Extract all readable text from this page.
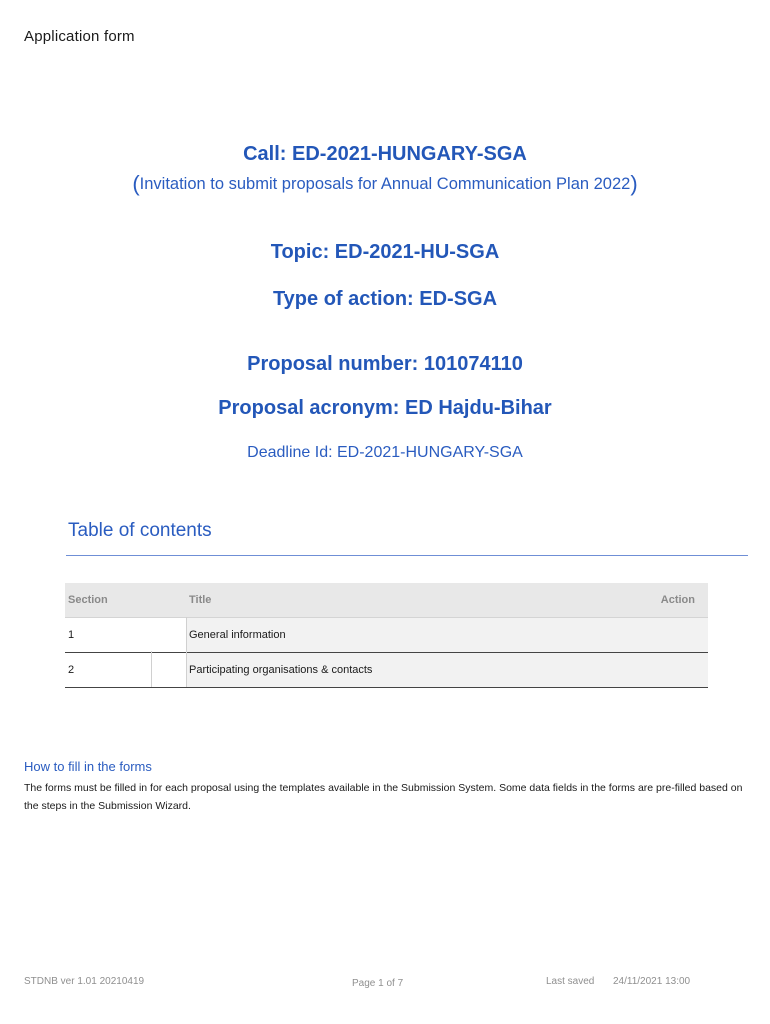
Application form
Call: ED-2021-HUNGARY-SGA
(Invitation to submit proposals for Annual Communication Plan 2022)
Topic: ED-2021-HU-SGA
Type of action: ED-SGA
Proposal number: 101074110
Proposal acronym: ED Hajdu-Bihar
Deadline Id: ED-2021-HUNGARY-SGA
Table of contents
Section	Title	Action
1	General information
2	Participating organisations & contacts
How to fill in the forms
The forms must be filled in for each proposal using the templates available in the Submission System. Some data fields in the forms are pre-filled based on the steps in the Submission Wizard.
STDNB ver 1.01 20210419	Page 1 of 7	Last saved 24/11/2021 13:00
